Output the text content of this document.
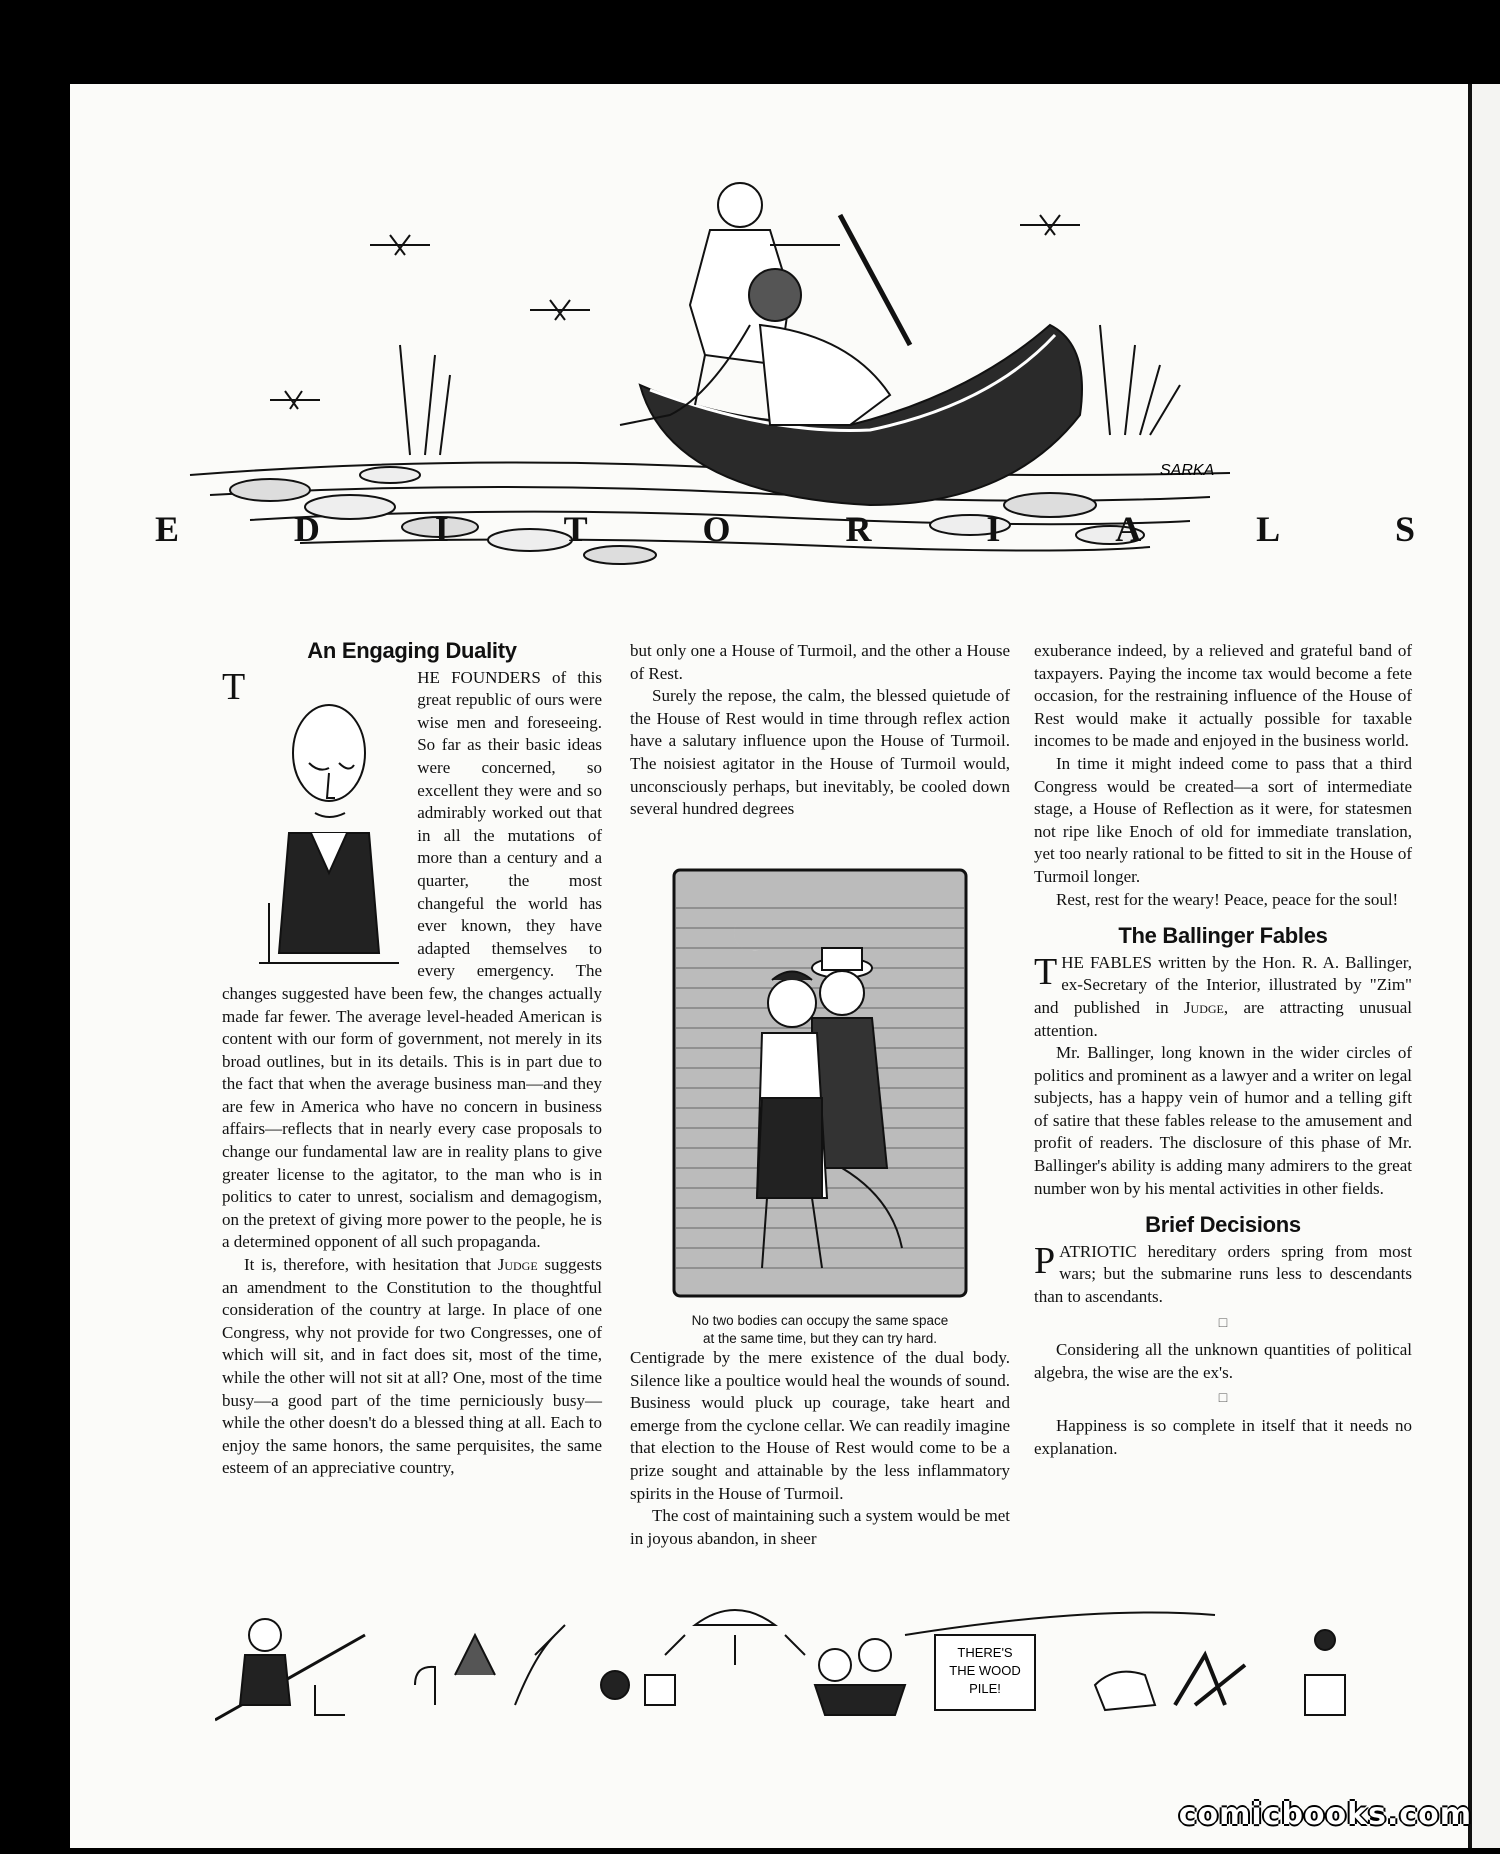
SARKA
E	D	I	T	O	R	I	A	L	S
An Engaging Duality

T	HE FOUNDERS of this great republic of ours were wise men and foreseeing. So far as their basic ideas were concerned, so excellent they were and so admirably worked out that in all the mutations of more than a century and a quarter, the most changeful the world has ever known, they have adapted themselves to every emergency. The changes suggested have been few, the changes actually made far fewer. The average level-headed American is content with our form of government, not merely in its broad outlines, but in its details. This is in part due to the fact that when the average business man—and they are few in America who have no concern in business affairs—reflects that in nearly every case proposals to change our fundamental law are in reality plans to give greater license to the agitator, to the man who is in politics to cater to unrest, socialism and demagogism, on the pretext of giving more power to the people, he is a determined opponent of all such propaganda.

It is, therefore, with hesitation that Judge suggests an amendment to the Constitution to the thoughtful consideration of the country at large. In place of one Congress, why not provide for two Congresses, one of which will sit, and in fact does sit, most of the time, while the other will not sit at all? One, most of the time busy—a good part of the time perniciously busy—while the other doesn't do a blessed thing at all. Each to enjoy the same honors, the same perquisites, the same esteem of an appreciative country,

but only one a House of Turmoil, and the other a House of Rest.

Surely the repose, the calm, the blessed quietude of the House of Rest would in time through reflex action have a salutary influence upon the House of Turmoil. The noisiest agitator in the House of Turmoil would, unconsciously perhaps, but inevitably, be cooled down several hundred degrees

No two bodies can occupy the same space
at the same time, but they can try hard.

Centigrade by the mere existence of the dual body. Silence like a poultice would heal the wounds of sound. Business would pluck up courage, take heart and emerge from the cyclone cellar. We can readily imagine that election to the House of Rest would come to be a prize sought and attainable by the less inflammatory spirits in the House of Turmoil.

The cost of maintaining such a system would be met in joyous abandon, in sheer

exuberance indeed, by a relieved and grateful band of taxpayers. Paying the income tax would become a fete occasion, for the restraining influence of the House of Rest would make it actually possible for taxable incomes to be made and enjoyed in the business world.

In time it might indeed come to pass that a third Congress would be created—a sort of intermediate stage, a House of Reflection as it were, for statesmen not ripe like Enoch of old for immediate translation, yet too nearly rational to be fitted to sit in the House of Turmoil longer.

Rest, rest for the weary! Peace, peace for the soul!

The Ballinger Fables

THE FABLES written by the Hon. R. A. Ballinger, ex-Secretary of the Interior, illustrated by "Zim" and published in Judge, are attracting unusual attention.

Mr. Ballinger, long known in the wider circles of politics and prominent as a lawyer and a writer on legal subjects, has a happy vein of humor and a telling gift of satire that these fables release to the amusement and profit of readers. The disclosure of this phase of Mr. Ballinger's ability is adding many admirers to the great number won by his mental activities in other fields.

Brief Decisions

PATRIOTIC hereditary orders spring from most wars; but the submarine runs less to descendants than to ascendants.

□

Considering all the unknown quantities of political algebra, the wise are the ex's.

□

Happiness is so complete in itself that it needs no explanation.

THERE'S
THE WOOD
PILE!
comicbooks.com
